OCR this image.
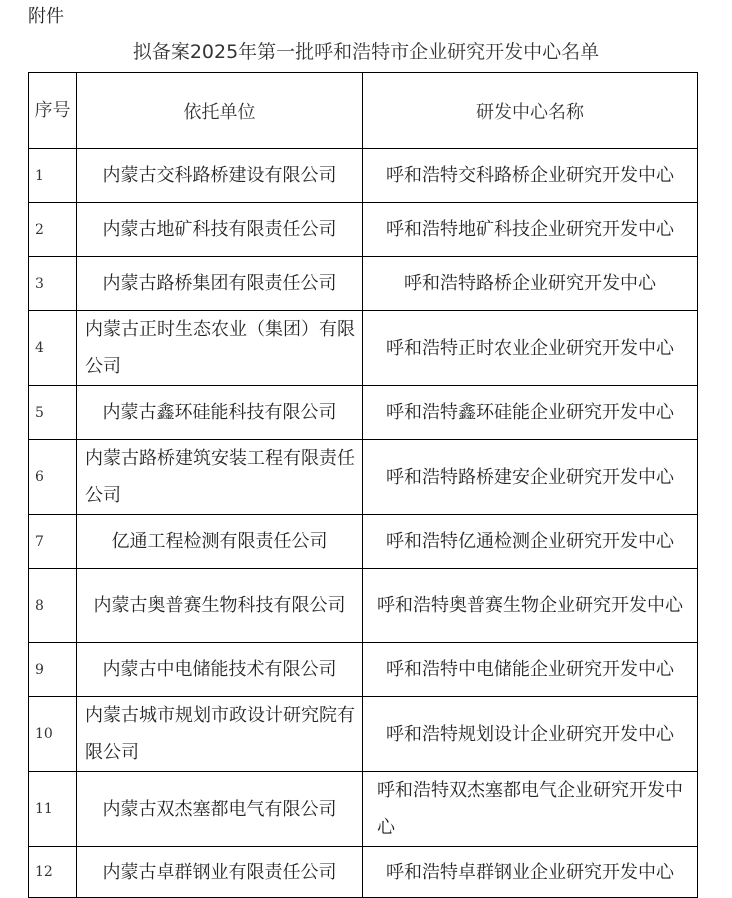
附件
拟备案2025年第一批呼和浩特市企业研究开发中心名单
序号	依托单位	研发中心名称
1	内蒙古交科路桥建设有限公司	呼和浩特交科路桥企业研究开发中心
2	内蒙古地矿科技有限责任公司	呼和浩特地矿科技企业研究开发中心
3	内蒙古路桥集团有限责任公司	呼和浩特路桥企业研究开发中心
4	内蒙古正时生态农业（集团）有限公司	呼和浩特正时农业企业研究开发中心
5	内蒙古鑫环硅能科技有限公司	呼和浩特鑫环硅能企业研究开发中心
6	内蒙古路桥建筑安装工程有限责任公司	呼和浩特路桥建安企业研究开发中心
7	亿通工程检测有限责任公司	呼和浩特亿通检测企业研究开发中心
8	内蒙古奥普赛生物科技有限公司	呼和浩特奥普赛生物企业研究开发中心
9	内蒙古中电储能技术有限公司	呼和浩特中电储能企业研究开发中心
10	内蒙古城市规划市政设计研究院有限公司	呼和浩特规划设计企业研究开发中心
11	内蒙古双杰塞都电气有限公司	呼和浩特双杰塞都电气企业研究开发中心
12	内蒙古卓群钢业有限责任公司	呼和浩特卓群钢业企业研究开发中心
